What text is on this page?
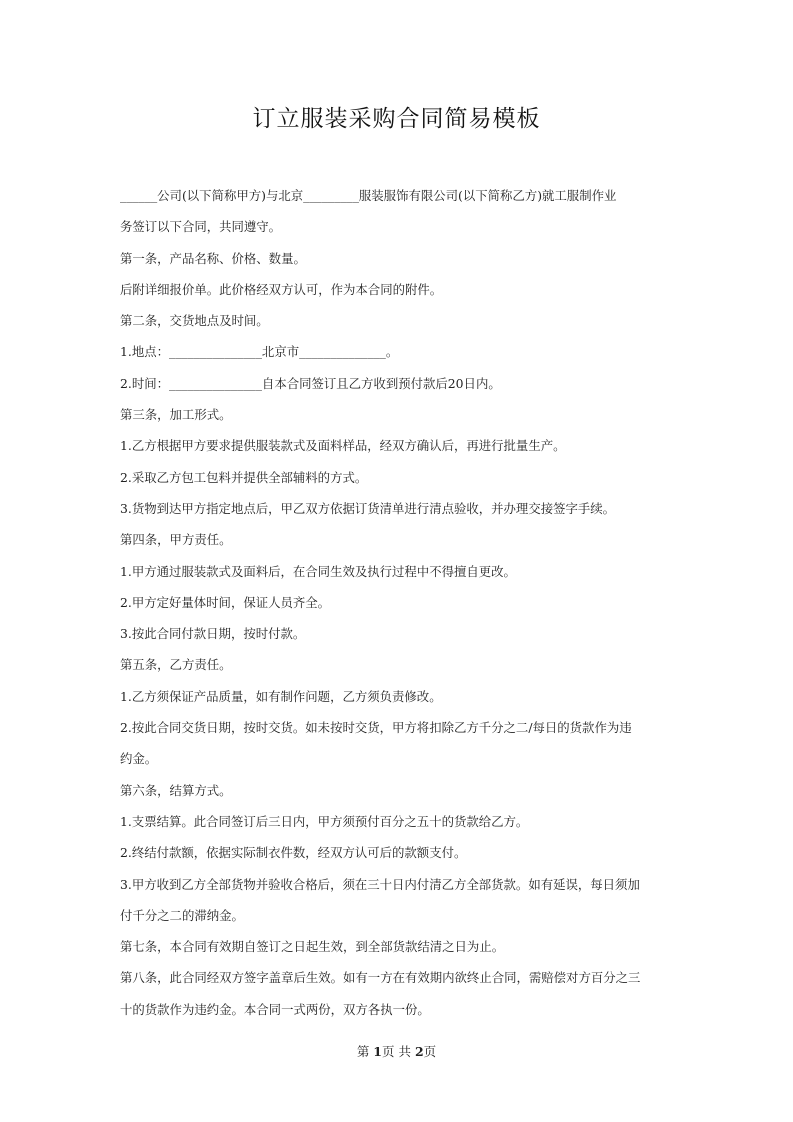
订立服装采购合同简易模板

______公司(以下简称甲方)与北京_________服装服饰有限公司(以下简称乙方)就工服制作业

务签订以下合同，共同遵守。

第一条，产品名称、价格、数量。

后附详细报价单。此价格经双方认可，作为本合同的附件。

第二条，交货地点及时间。

1.地点：_______________北京市______________。

2.时间：_______________自本合同签订且乙方收到预付款后20日内。

第三条，加工形式。

1.乙方根据甲方要求提供服装款式及面料样品，经双方确认后，再进行批量生产。

2.采取乙方包工包料并提供全部辅料的方式。

3.货物到达甲方指定地点后，甲乙双方依据订货清单进行清点验收，并办理交接签字手续。

第四条，甲方责任。

1.甲方通过服装款式及面料后，在合同生效及执行过程中不得擅自更改。

2.甲方定好量体时间，保证人员齐全。

3.按此合同付款日期，按时付款。

第五条，乙方责任。

1.乙方须保证产品质量，如有制作问题，乙方须负责修改。

2.按此合同交货日期，按时交货。如未按时交货，甲方将扣除乙方千分之二/每日的货款作为违

约金。

第六条，结算方式。

1.支票结算。此合同签订后三日内，甲方须预付百分之五十的货款给乙方。

2.终结付款额，依据实际制衣件数，经双方认可后的款额支付。

3.甲方收到乙方全部货物并验收合格后，须在三十日内付清乙方全部货款。如有延误，每日须加

付千分之二的滞纳金。

第七条，本合同有效期自签订之日起生效，到全部货款结清之日为止。

第八条，此合同经双方签字盖章后生效。如有一方在有效期内欲终止合同，需赔偿对方百分之三

十的货款作为违约金。本合同一式两份，双方各执一份。

第 1页 共 2页
